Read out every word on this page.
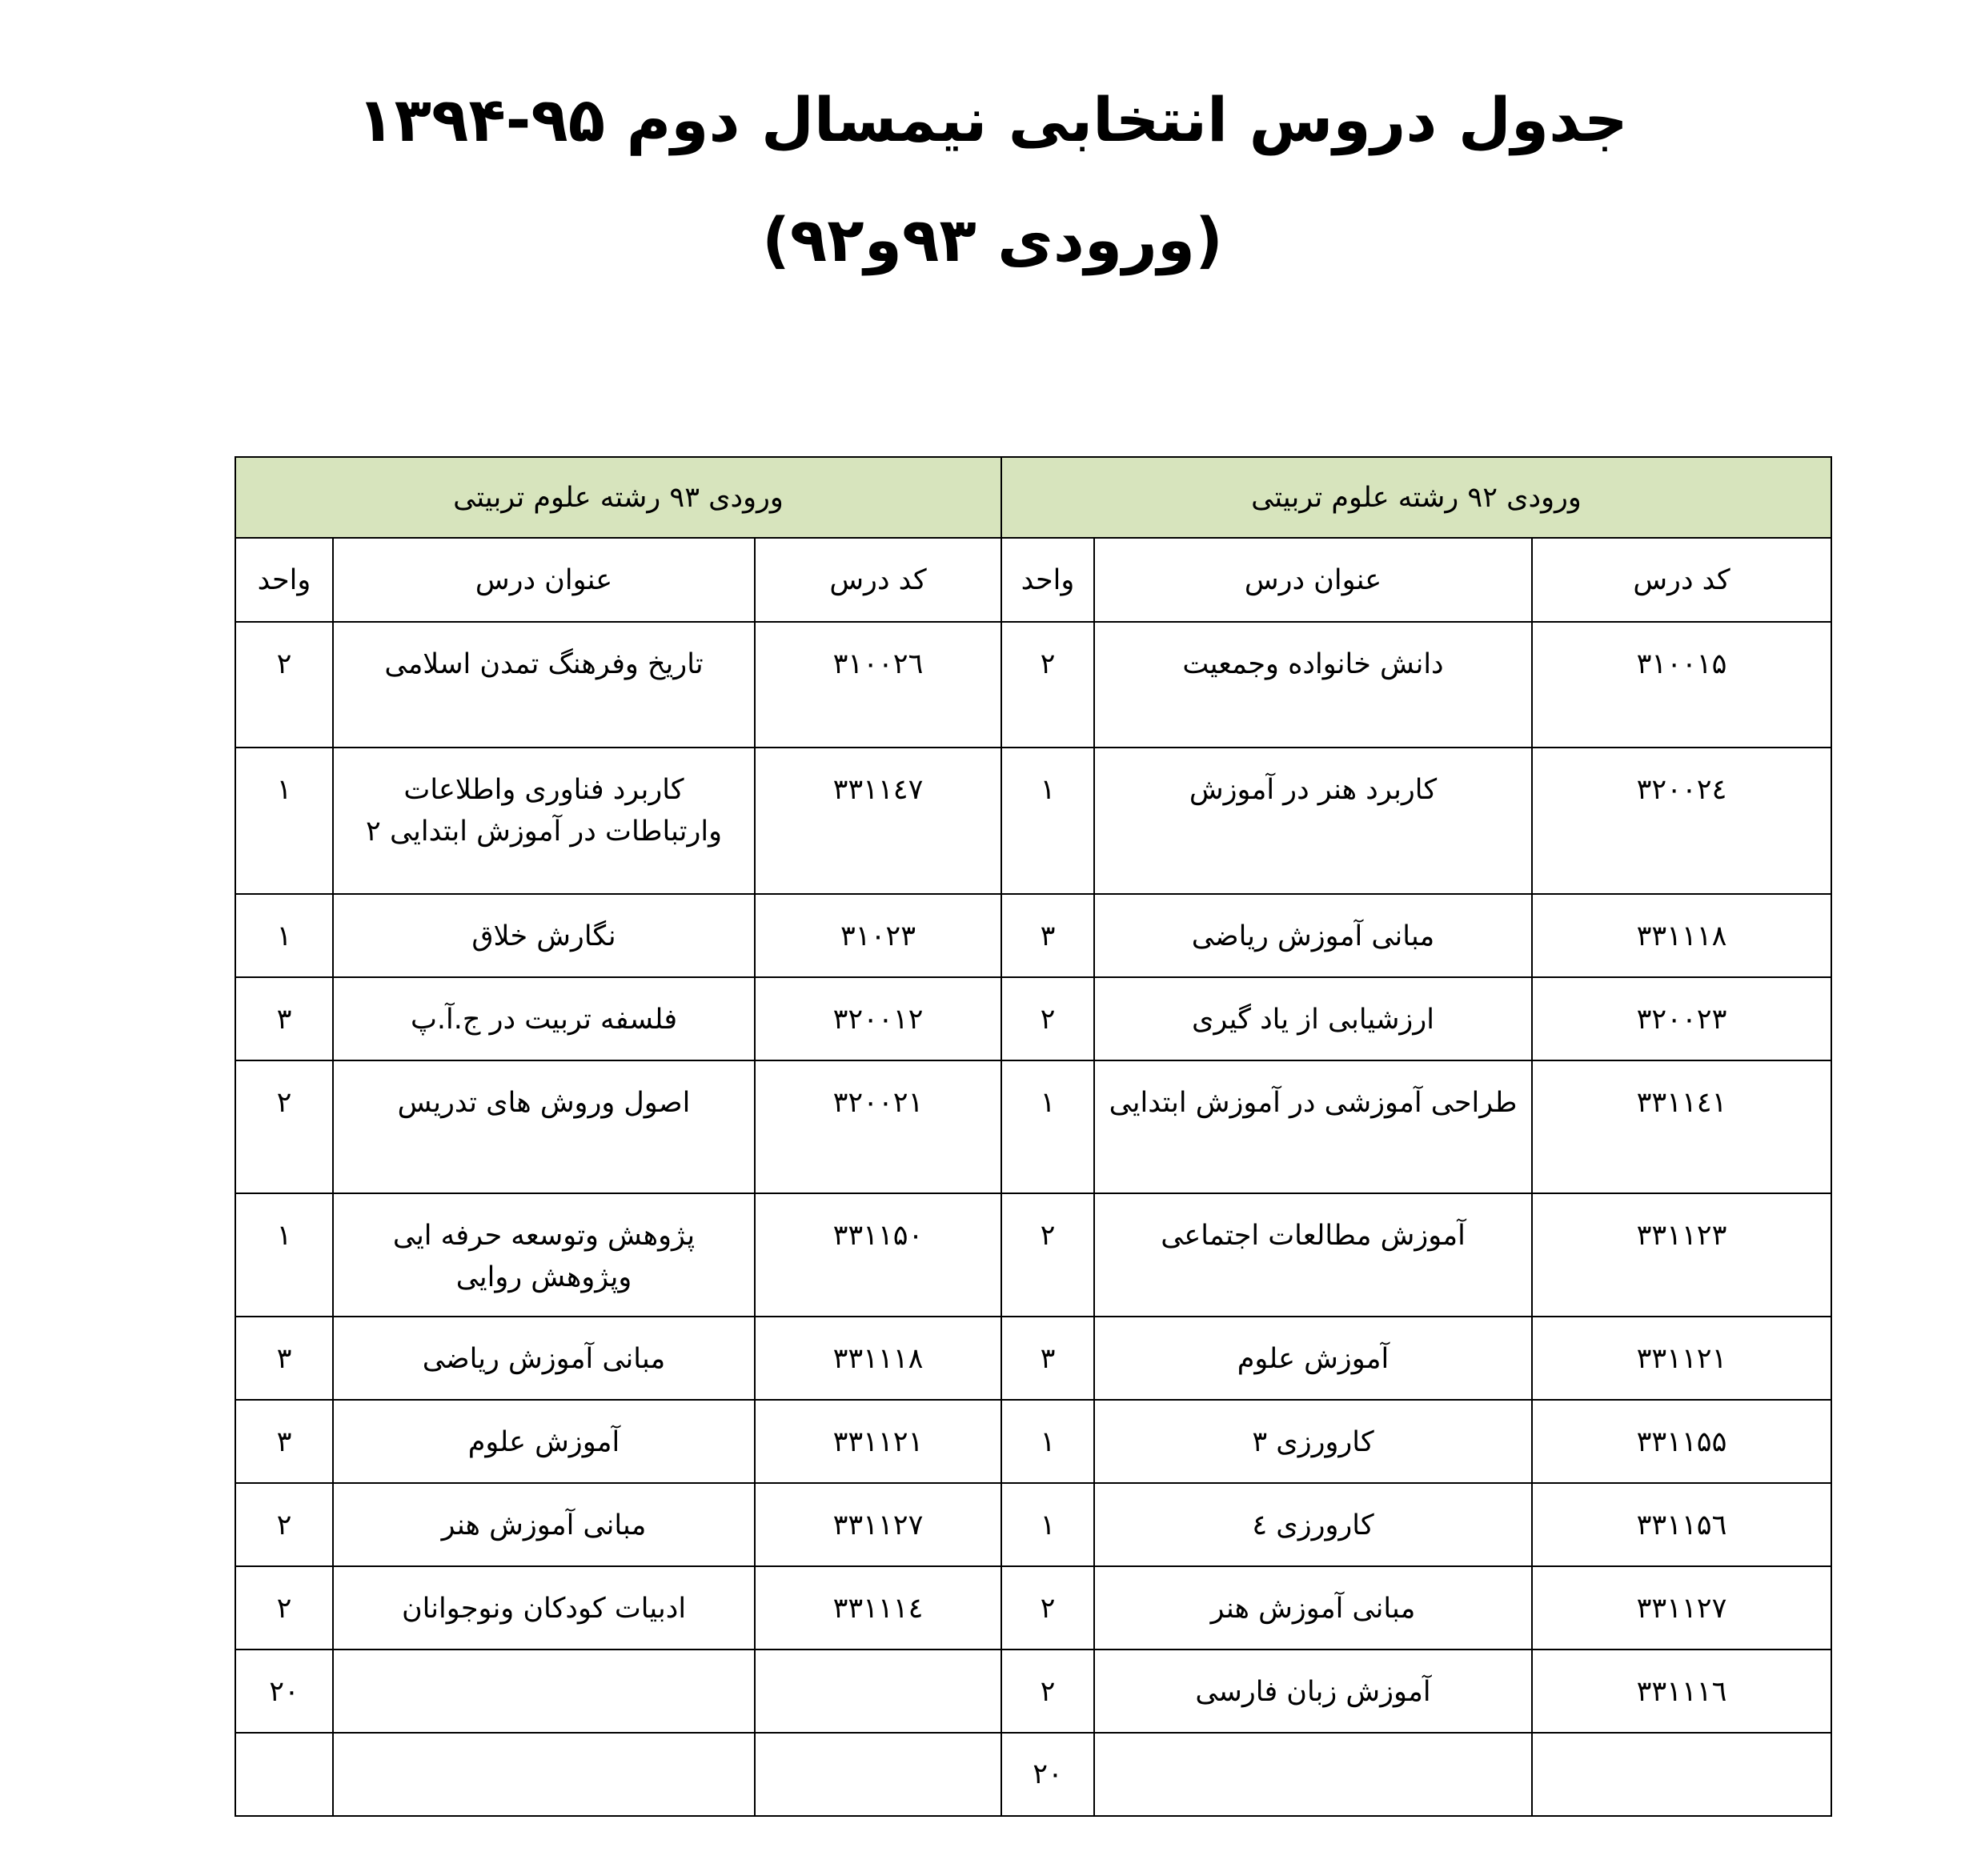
جدول دروس انتخابی نیمسال دوم ۹۵-۱۳۹۴
(ورودی ۹۳و۹۲)
ورودی ۹۲ رشته علوم تربیتی			ورودی ۹۳ رشته علوم تربیتی		
کد درس	عنوان درس	واحد	کد درس	عنوان درس	واحد
۳۱۰۰۱۵	دانش خانواده وجمعیت	۲	۳۱۰۰۲٦	تاریخ وفرهنگ تمدن اسلامی	۲
۳۲۰۰۲٤	کاربرد هنر در آموزش	۱	۳۳۱۱٤۷	کاربرد فناوری واطلاعات وارتباطات در آموزش ابتدایی ۲	۱
۳۳۱۱۱۸	مبانی آموزش ریاضی	۳	۳۱۰۲۳	نگارش خلاق	۱
۳۲۰۰۲۳	ارزشیابی از یاد گیری	۲	۳۲۰۰۱۲	فلسفه تربیت در ج.آ.پ	۳
۳۳۱۱٤۱	طراحی آموزشی در آموزش ابتدایی	۱	۳۲۰۰۲۱	اصول وروش های تدریس	۲
۳۳۱۱۲۳	آموزش مطالعات اجتماعی	۲	۳۳۱۱۵۰	پژوهش وتوسعه حرفه ایی وپژوهش روایی	۱
۳۳۱۱۲۱	آموزش علوم	۳	۳۳۱۱۱۸	مبانی آموزش ریاضی	۳
۳۳۱۱۵۵	کارورزی ۳	۱	۳۳۱۱۲۱	آموزش علوم	۳
۳۳۱۱۵٦	کارورزی ٤	۱	۳۳۱۱۲۷	مبانی آموزش هنر	۲
۳۳۱۱۲۷	مبانی آموزش هنر	۲	۳۳۱۱۱٤	ادبیات کودکان ونوجوانان	۲
۳۳۱۱۱٦	آموزش زبان فارسی	۲			۲۰
		۲۰			
